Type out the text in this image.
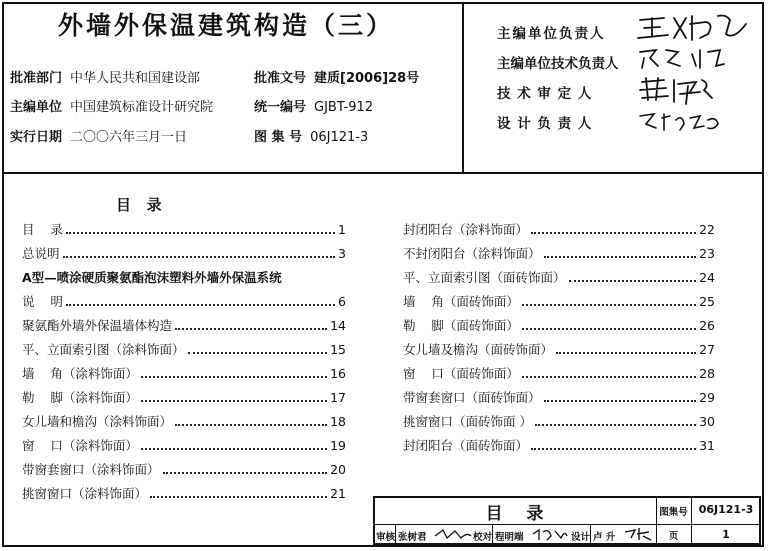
外墙外保温建筑构造（三）
批准部门 中华人民共和国建设部	批准文号 建质[2006]28号
主编单位 中国建筑标准设计研究院	统一编号 GJBT-912
实行日期 二〇〇六年三月一日	图 集 号 06J121-3
主编单位负责人
主编单位技术负责人
技 术 审 定 人
设 计 负 责 人
目   录
目    录	1
总说明	3
A型—喷涂硬质聚氨酯泡沫塑料外墙外保温系统
说    明	6
聚氨酯外墙外保温墙体构造	14
平、立面索引图（涂料饰面）	15
墙    角（涂料饰面）	16
勒    脚（涂料饰面）	17
女儿墙和檐沟（涂料饰面）	18
窗    口（涂料饰面）	19
带窗套窗口（涂料饰面）	20
挑窗窗口（涂料饰面）	21
封闭阳台（涂料饰面）	22
不封闭阳台（涂料饰面）	23
平、立面索引图（面砖饰面）	24
墙    角（面砖饰面）	25
勒    脚（面砖饰面）	26
女儿墙及檐沟（面砖饰面）	27
窗    口（面砖饰面）	28
带窗套窗口（面砖饰面）	29
挑窗窗口（面砖饰面 ）	30
封闭阳台（面砖饰面）	31
目    录	图集号 06J121-3
页	1
审核 张树君	校对 程明端	设计 卢 升
